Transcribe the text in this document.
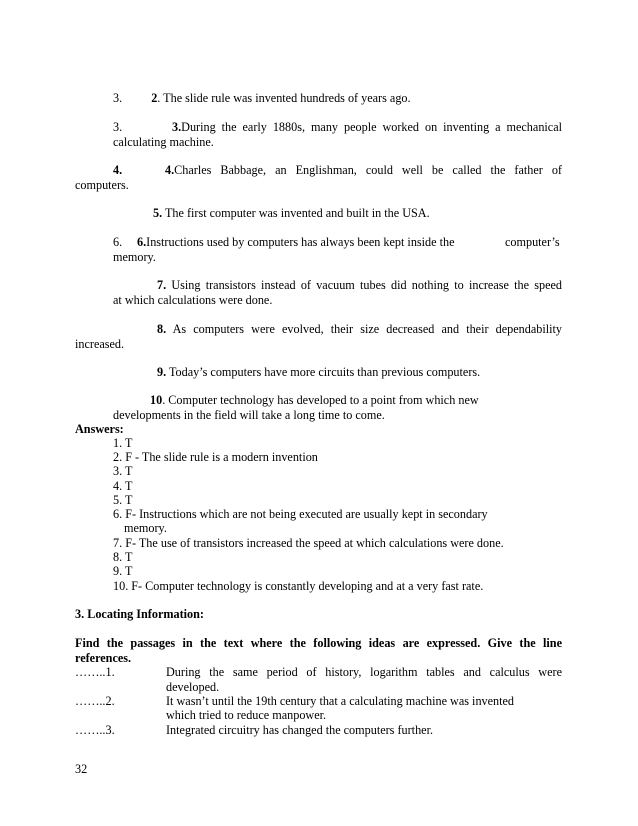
3. 2. The slide rule was invented hundreds of years ago.
3.	3.During the early 1880s, many people worked on inventing a mechanical
calculating machine.
4.	4.Charles Babbage, an Englishman, could well be called the father of
computers.
5. The first computer was invented and built in the USA.
6. 6.Instructions used by computers has always been kept inside the	computer’s
memory.
7. Using transistors instead of vacuum tubes did nothing to increase the speed
at which calculations were done.
8. As computers were evolved, their size decreased and their dependability
increased.
9. Today’s computers have more circuits than previous computers.
10. Computer technology has developed to a point from which new
developments in the field will take a long time to come.
Answers:
1. T
2. F - The slide rule is a modern invention
3. T
4. T
5. T
6. F- Instructions which are not being executed are usually kept in secondary
memory.
7. F- The use of transistors increased the speed at which calculations were done.
8. T
9. T
10. F- Computer technology is constantly developing and at a very fast rate.
3. Locating Information:
Find the passages in the text where the following ideas are expressed. Give the line
references.
……..1.	During the same period of history, logarithm tables and calculus were
developed.
……..2.	It wasn’t until the 19th century that a calculating machine was invented
which tried to reduce manpower.
……..3.	Integrated circuitry has changed the computers further.
32
